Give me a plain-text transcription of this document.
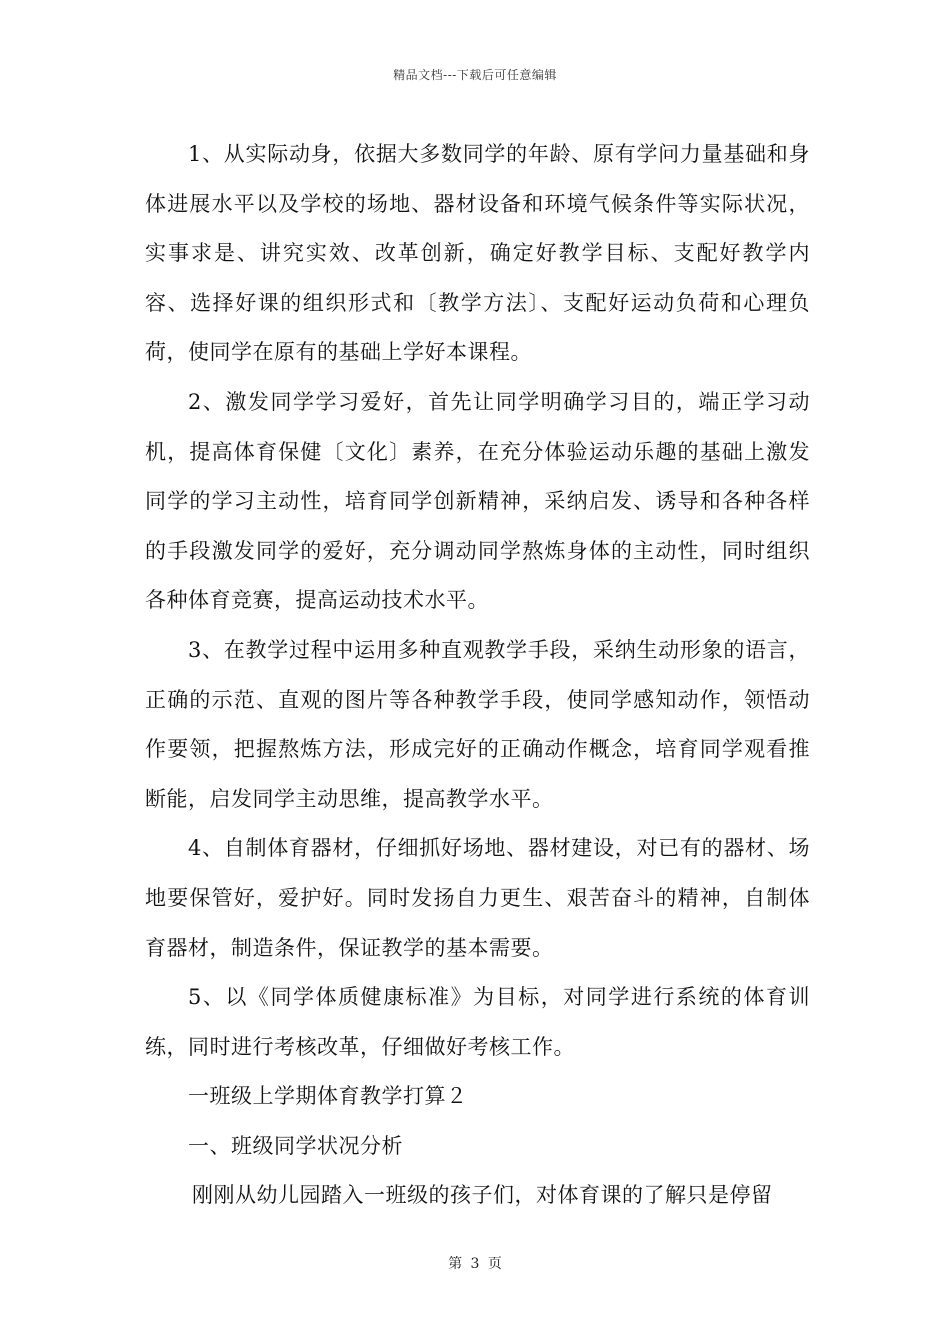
精品文档---下载后可任意编辑

1、从实际动身，依据大多数同学的年龄、原有学问力量基础和身体进展水平以及学校的场地、器材设备和环境气候条件等实际状况，实事求是、讲究实效、改革创新，确定好教学目标、支配好教学内容、选择好课的组织形式和〔教学方法〕、支配好运动负荷和心理负荷，使同学在原有的基础上学好本课程。

2、激发同学学习爱好，首先让同学明确学习目的，端正学习动机，提高体育保健〔文化〕素养，在充分体验运动乐趣的基础上激发同学的学习主动性，培育同学创新精神，采纳启发、诱导和各种各样的手段激发同学的爱好，充分调动同学熬炼身体的主动性，同时组织各种体育竞赛，提高运动技术水平。

3、在教学过程中运用多种直观教学手段，采纳生动形象的语言，正确的示范、直观的图片等各种教学手段，使同学感知动作，领悟动作要领，把握熬炼方法，形成完好的正确动作概念，培育同学观看推断能，启发同学主动思维，提高教学水平。

4、自制体育器材，仔细抓好场地、器材建设，对已有的器材、场地要保管好，爱护好。同时发扬自力更生、艰苦奋斗的精神，自制体育器材，制造条件，保证教学的基本需要。

5、以《同学体质健康标准》为目标，对同学进行系统的体育训练，同时进行考核改革，仔细做好考核工作。

一班级上学期体育教学打算２

一、班级同学状况分析

刚刚从幼儿园踏入一班级的孩子们，对体育课的了解只是停留

第 3 页
